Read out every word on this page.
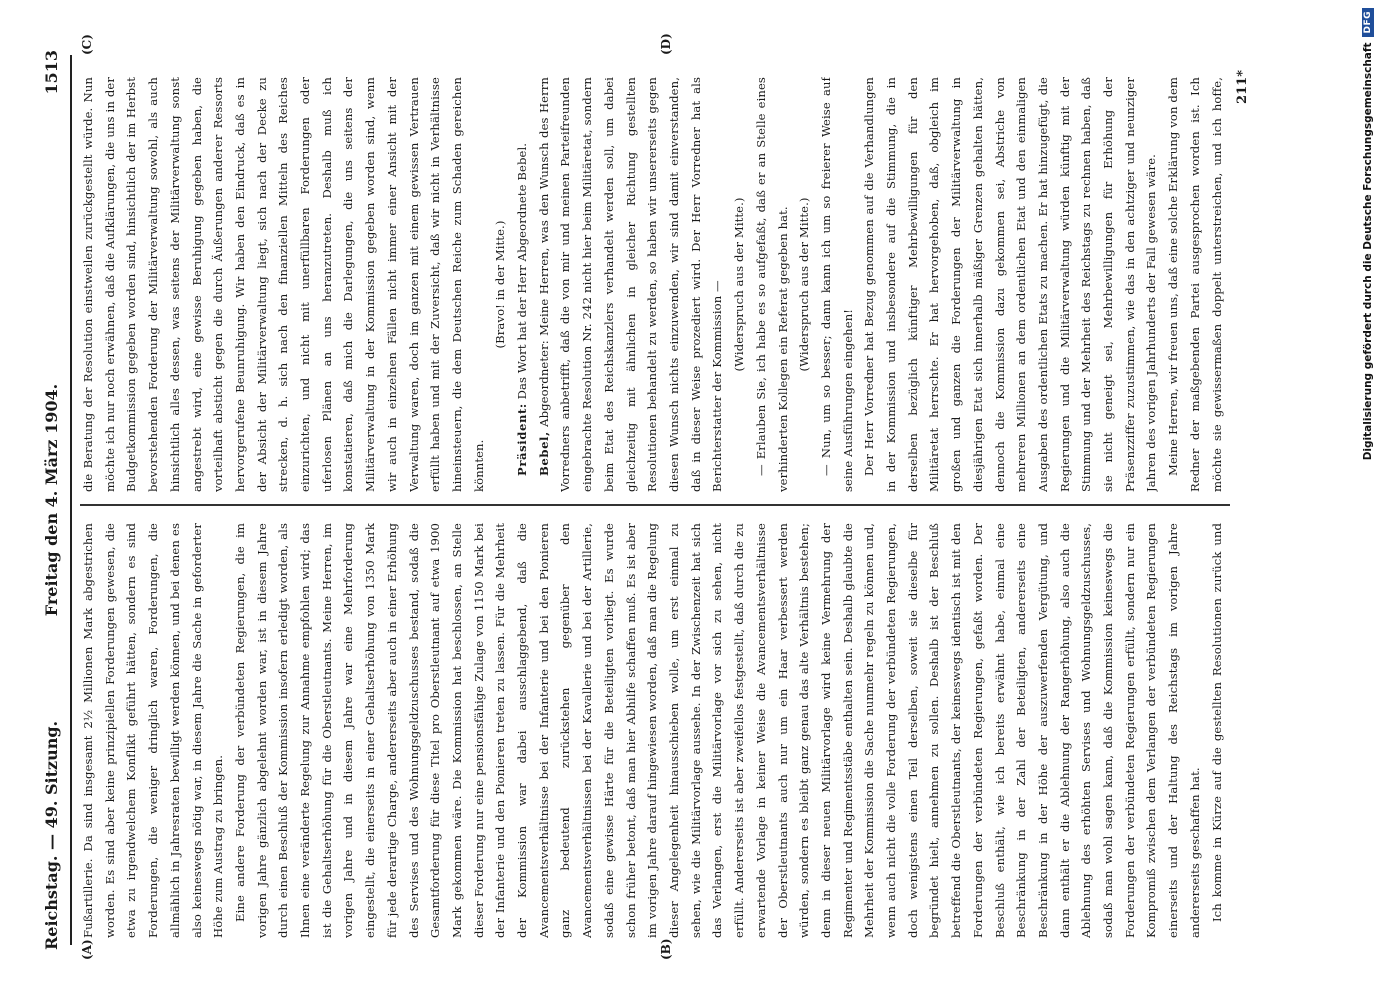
Reichstag. — 49. Sitzung.
Freitag den 4. März 1904.
1513
(A)	(B)
(C)	(D)

Fußartillerie. Da sind insgesamt 2½ Millionen Mark abgestrichen worden. Es sind aber keine prinzipiellen Forderungen gewesen, die etwa zu irgendwelchem Konflikt geführt hätten, sondern es sind Forderungen, die weniger dringlich waren, Forderungen, die allmählich in Jahresraten bewilligt werden können, und bei denen es also keineswegs nötig war, in diesem Jahre die Sache in geforderter Höhe zum Austrag zu bringen. Eine andere Forderung der verbündeten Regierungen, die im vorigen Jahre gänzlich abgelehnt worden war, ist in diesem Jahre durch einen Beschluß der Kommission insofern erledigt worden, als Ihnen eine veränderte Regelung zur Annahme empfohlen wird; das ist die Gehaltserhöhung für die Oberstleutnants. Meine Herren, im vorigen Jahre und in diesem Jahre war eine Mehrforderung eingestellt, die einerseits in einer Gehaltserhöhung von 1350 Mark für jede derartige Charge, andererseits aber auch in einer Erhöhung des Servises und des Wohnungsgeldzuschusses bestand, sodaß die Gesamtforderung für diese Titel pro Oberstleutnant auf etwa 1900 Mark gekommen wäre. Die Kommission hat beschlossen, an Stelle dieser Forderung nur eine pensionsfähige Zulage von 1150 Mark bei der Infanterie und den Pionieren treten zu lassen. Für die Mehrheit der Kommission war dabei ausschlaggebend, daß die Avancementsverhältnisse bei der Infanterie und bei den Pionieren ganz bedeutend zurückstehen gegenüber den Avancementsverhältnissen bei der Kavallerie und bei der Artillerie, sodaß eine gewisse Härte für die Beteiligten vorliegt. Es wurde schon früher betont, daß man hier Abhilfe schaffen muß. Es ist aber im vorigen Jahre darauf hingewiesen worden, daß man die Regelung dieser Angelegenheit hinausschieben wolle, um erst einmal zu sehen, wie die Militärvorlage aussehe. In der Zwischenzeit hat sich das Verlangen, erst die Militärvorlage vor sich zu sehen, nicht erfüllt. Andererseits ist aber zweifellos festgestellt, daß durch die zu erwartende Vorlage in keiner Weise die Avancementsverhältnisse der Oberstleutnants auch nur um ein Haar verbessert werden würden, sondern es bleibt ganz genau das alte Verhältnis bestehen; denn in dieser neuen Militärvorlage wird keine Vermehrung der Regimenter und Regimentsstäbe enthalten sein. Deshalb glaubte die Mehrheit der Kommission die Sache nunmehr regeln zu können und, wenn auch nicht die volle Forderung der verbündeten Regierungen, doch wenigstens einen Teil derselben, soweit sie dieselbe für begründet hielt, annehmen zu sollen. Deshalb ist der Beschluß betreffend die Oberstleutnants, der keineswegs identisch ist mit den Forderungen der verbündeten Regierungen, gefaßt worden. Der Beschluß enthält, wie ich bereits erwähnt habe, einmal eine Beschränkung in der Zahl der Beteiligten, andererseits eine Beschränkung in der Höhe der auszuwerfenden Vergütung, und dann enthält er die Ablehnung der Rangerhöhung, also auch die Ablehnung des erhöhten Servises und Wohnungsgeldzuschusses, sodaß man wohl sagen kann, daß die Kommission keineswegs die Forderungen der verbündeten Regierungen erfüllt, sondern nur ein Kompromiß zwischen dem Verlangen der verbündeten Regierungen einerseits und der Haltung des Reichstags im vorigen Jahre andererseits geschaffen hat. Ich komme in Kürze auf die gestellten Resolutionen zurück und

die Beratung der Resolution einstweilen zurückgestellt würde. Nun möchte ich nur noch erwähnen, daß die Aufklärungen, die uns in der Budgetkommission gegeben worden sind, hinsichtlich der im Herbst bevorstehenden Forderung der Militärverwaltung sowohl, als auch hinsichtlich alles dessen, was seitens der Militärverwaltung sonst angestrebt wird, eine gewisse Beruhigung gegeben haben, die vorteilhaft absticht gegen die durch Äußerungen anderer Ressorts hervorgerufene Beunruhigung. Wir haben den Eindruck, daß es in der Absicht der Militärverwaltung liegt, sich nach der Decke zu strecken, d. h. sich nach den finanziellen Mitteln des Reiches einzurichten, und nicht mit unerfüllbaren Forderungen oder uferlosen Plänen an uns heranzutreten. Deshalb muß ich konstatieren, daß mich die Darlegungen, die uns seitens der Militärverwaltung in der Kommission gegeben worden sind, wenn wir auch in einzelnen Fällen nicht immer einer Ansicht mit der Verwaltung waren, doch im ganzen mit einem gewissen Vertrauen erfüllt haben und mit der Zuversicht, daß wir nicht in Verhältnisse hineinsteuern, die dem Deutschen Reiche zum Schaden gereichen könnten.

(Bravo! in der Mitte.)

Präsident: Das Wort hat der Herr Abgeordnete Bebel.

Bebel, Abgeordneter: Meine Herren, was den Wunsch des Herrn Vorredners anbetrifft, daß die von mir und meinen Parteifreunden eingebrachte Resolution Nr. 242 nicht hier beim Militäretat, sondern beim Etat des Reichskanzlers verhandelt werden soll, um dabei gleichzeitig mit ähnlichen in gleicher Richtung gestellten Resolutionen behandelt zu werden, so haben wir unsererseits gegen diesen Wunsch nichts einzuwenden, wir sind damit einverstanden, daß in dieser Weise prozediert wird. Der Herr Vorredner hat als Berichterstatter der Kommission — (Widerspruch aus der Mitte.) — Erlauben Sie, ich habe es so aufgefaßt, daß er an Stelle eines verhinderten Kollegen ein Referat gegeben hat. (Widerspruch aus der Mitte.) — Nun, um so besser; dann kann ich um so freierer Weise auf seine Ausführungen eingehen! Der Herr Vorredner hat Bezug genommen auf die Verhandlungen in der Kommission und insbesondere auf die Stimmung, die in derselben bezüglich künftiger Mehrbewilligungen für den Militäretat herrschte. Er hat hervorgehoben, daß, obgleich im großen und ganzen die Forderungen der Militärverwaltung in diesjährigen Etat sich innerhalb mäßiger Grenzen gehalten hätten, dennoch die Kommission dazu gekommen sei, Abstriche von mehreren Millionen an dem ordentlichen Etat und den einmaligen Ausgaben des ordentlichen Etats zu machen. Er hat hinzugefügt, die Regierungen und die Militärverwaltung würden künftig mit der Stimmung und der Mehrheit des Reichstags zu rechnen haben, daß sie nicht geneigt sei, Mehrbewilligungen für Erhöhung der Präsenzziffer zuzustimmen, wie das in den achtziger und neunziger Jahren des vorigen Jahrhunderts der Fall gewesen wäre. Meine Herren, wir freuen uns, daß eine solche Erklärung von dem Redner der maßgebenden Partei ausgesprochen worden ist. Ich möchte sie gewissermaßen doppelt unterstreichen, und ich hoffe, 211*	Digitalisierung gefördert durch die Deutsche Forschungsgemeinschaft
DFG
